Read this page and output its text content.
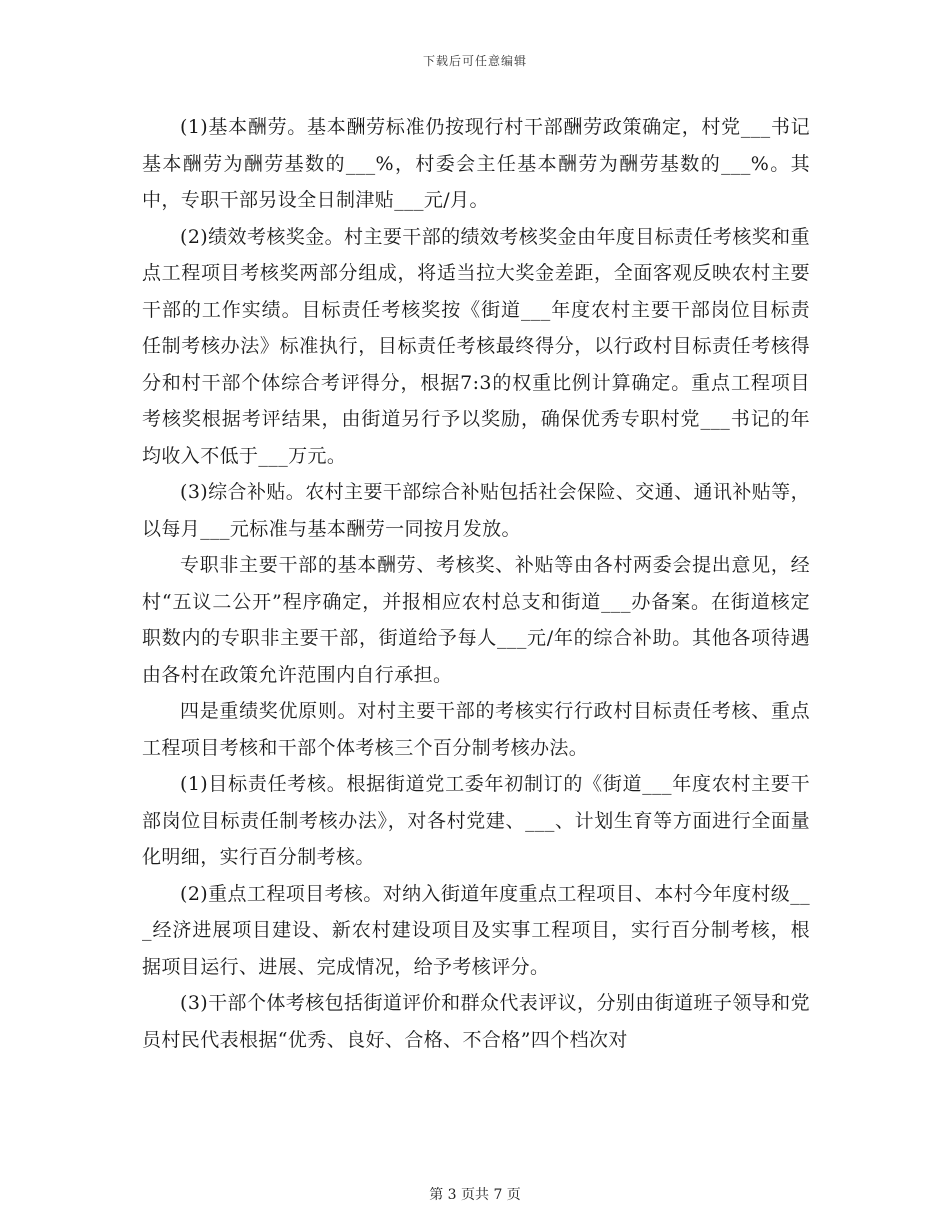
下载后可任意编辑

(1)基本酬劳。基本酬劳标准仍按现行村干部酬劳政策确定，村党___书记基本酬劳为酬劳基数的___%，村委会主任基本酬劳为酬劳基数的___%。其中，专职干部另设全日制津贴___元/月。

(2)绩效考核奖金。村主要干部的绩效考核奖金由年度目标责任考核奖和重点工程项目考核奖两部分组成，将适当拉大奖金差距，全面客观反映农村主要干部的工作实绩。目标责任考核奖按《街道___年度农村主要干部岗位目标责任制考核办法》标准执行，目标责任考核最终得分，以行政村目标责任考核得分和村干部个体综合考评得分，根据7:3的权重比例计算确定。重点工程项目考核奖根据考评结果，由街道另行予以奖励，确保优秀专职村党___书记的年均收入不低于___万元。

(3)综合补贴。农村主要干部综合补贴包括社会保险、交通、通讯补贴等，以每月___元标准与基本酬劳一同按月发放。

专职非主要干部的基本酬劳、考核奖、补贴等由各村两委会提出意见，经村“五议二公开”程序确定，并报相应农村总支和街道___办备案。在街道核定职数内的专职非主要干部，街道给予每人___元/年的综合补助。其他各项待遇由各村在政策允许范围内自行承担。

四是重绩奖优原则。对村主要干部的考核实行行政村目标责任考核、重点工程项目考核和干部个体考核三个百分制考核办法。

(1)目标责任考核。根据街道党工委年初制订的《街道___年度农村主要干部岗位目标责任制考核办法》，对各村党建、___、计划生育等方面进行全面量化明细，实行百分制考核。

(2)重点工程项目考核。对纳入街道年度重点工程项目、本村今年度村级___经济进展项目建设、新农村建设项目及实事工程项目，实行百分制考核，根据项目运行、进展、完成情况，给予考核评分。

(3)干部个体考核包括街道评价和群众代表评议，分别由街道班子领导和党员村民代表根据“优秀、良好、合格、不合格”四个档次对

第 3 页共 7 页
